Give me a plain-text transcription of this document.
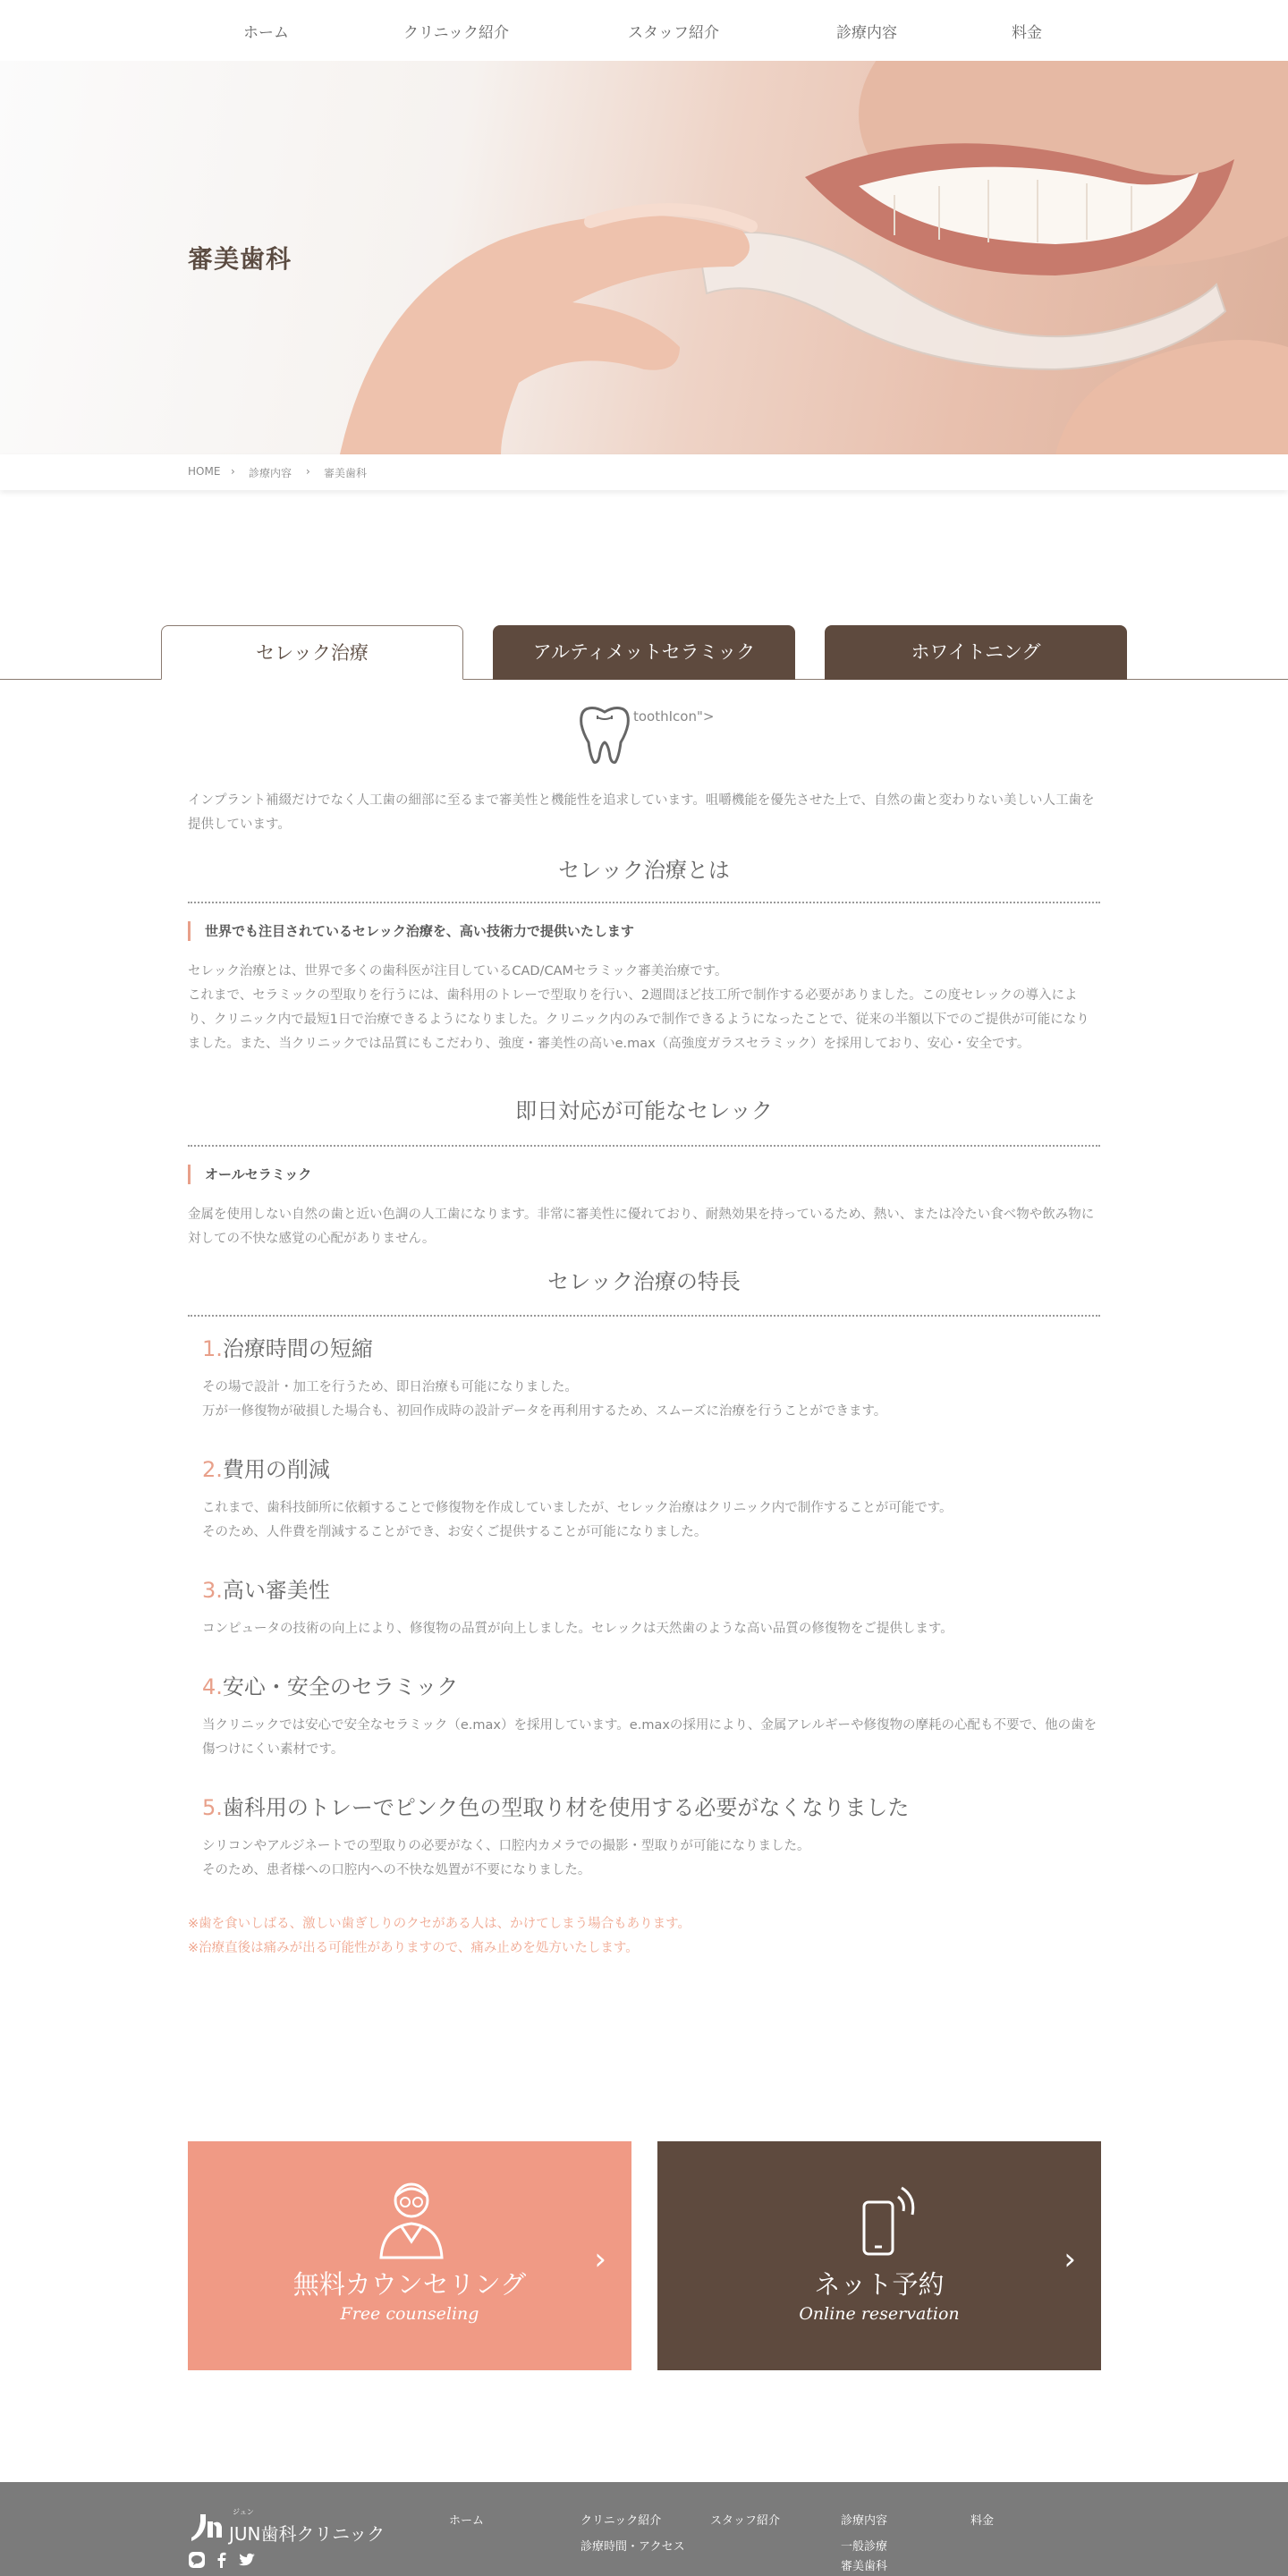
ホーム	クリニック紹介	スタッフ紹介	診療内容	料金
審美歯科
HOME › 診療内容 › 審美歯科
セレック治療	アルティメットセラミック	ホワイトニング
toothIcon">
インプラント補綴だけでなく人工歯の細部に至るまで審美性と機能性を追求しています。咀嚼機能を優先させた上で、自然の歯と変わりない美しい人工歯を提供しています。
セレック治療とは
世界でも注目されているセレック治療を、高い技術力で提供いたします
セレック治療とは、世界で多くの歯科医が注目しているCAD/CAMセラミック審美治療です。
これまで、セラミックの型取りを行うには、歯科用のトレーで型取りを行い、2週間ほど技工所で制作する必要がありました。この度セレックの導入により、クリニック内で最短1日で治療できるようになりました。クリニック内のみで制作できるようになったことで、従来の半額以下でのご提供が可能になりました。また、当クリニックでは品質にもこだわり、強度・審美性の高いe.max（高強度ガラスセラミック）を採用しており、安心・安全です。
即日対応が可能なセレック
オールセラミック
金属を使用しない自然の歯と近い色調の人工歯になります。非常に審美性に優れており、耐熱効果を持っているため、熱い、または冷たい食べ物や飲み物に対しての不快な感覚の心配がありません。
セレック治療の特長
1.治療時間の短縮
その場で設計・加工を行うため、即日治療も可能になりました。
万が一修復物が破損した場合も、初回作成時の設計データを再利用するため、スムーズに治療を行うことができます。
2.費用の削減
これまで、歯科技師所に依頼することで修復物を作成していましたが、セレック治療はクリニック内で制作することが可能です。
そのため、人件費を削減することができ、お安くご提供することが可能になりました。
3.高い審美性
コンピュータの技術の向上により、修復物の品質が向上しました。セレックは天然歯のような高い品質の修復物をご提供します。
4.安心・安全のセラミック
当クリニックでは安心で安全なセラミック（e.max）を採用しています。e.maxの採用により、金属アレルギーや修復物の摩耗の心配も不要で、他の歯を傷つけにくい素材です。
5.歯科用のトレーでピンク色の型取り材を使用する必要がなくなりました
シリコンやアルジネートでの型取りの必要がなく、口腔内カメラでの撮影・型取りが可能になりました。
そのため、患者様への口腔内への不快な処置が不要になりました。
※歯を食いしばる、激しい歯ぎしりのクセがある人は、かけてしまう場合もあります。
※治療直後は痛みが出る可能性がありますので、痛み止めを処方いたします。
無料カウンセリング
Free counseling
›
ネット予約
Online reservation
›
ジュン
JUN歯科クリニック
ホーム	クリニック紹介
診療時間・アクセス
スタッフ紹介	診療内容
一般診療
審美歯科
料金
